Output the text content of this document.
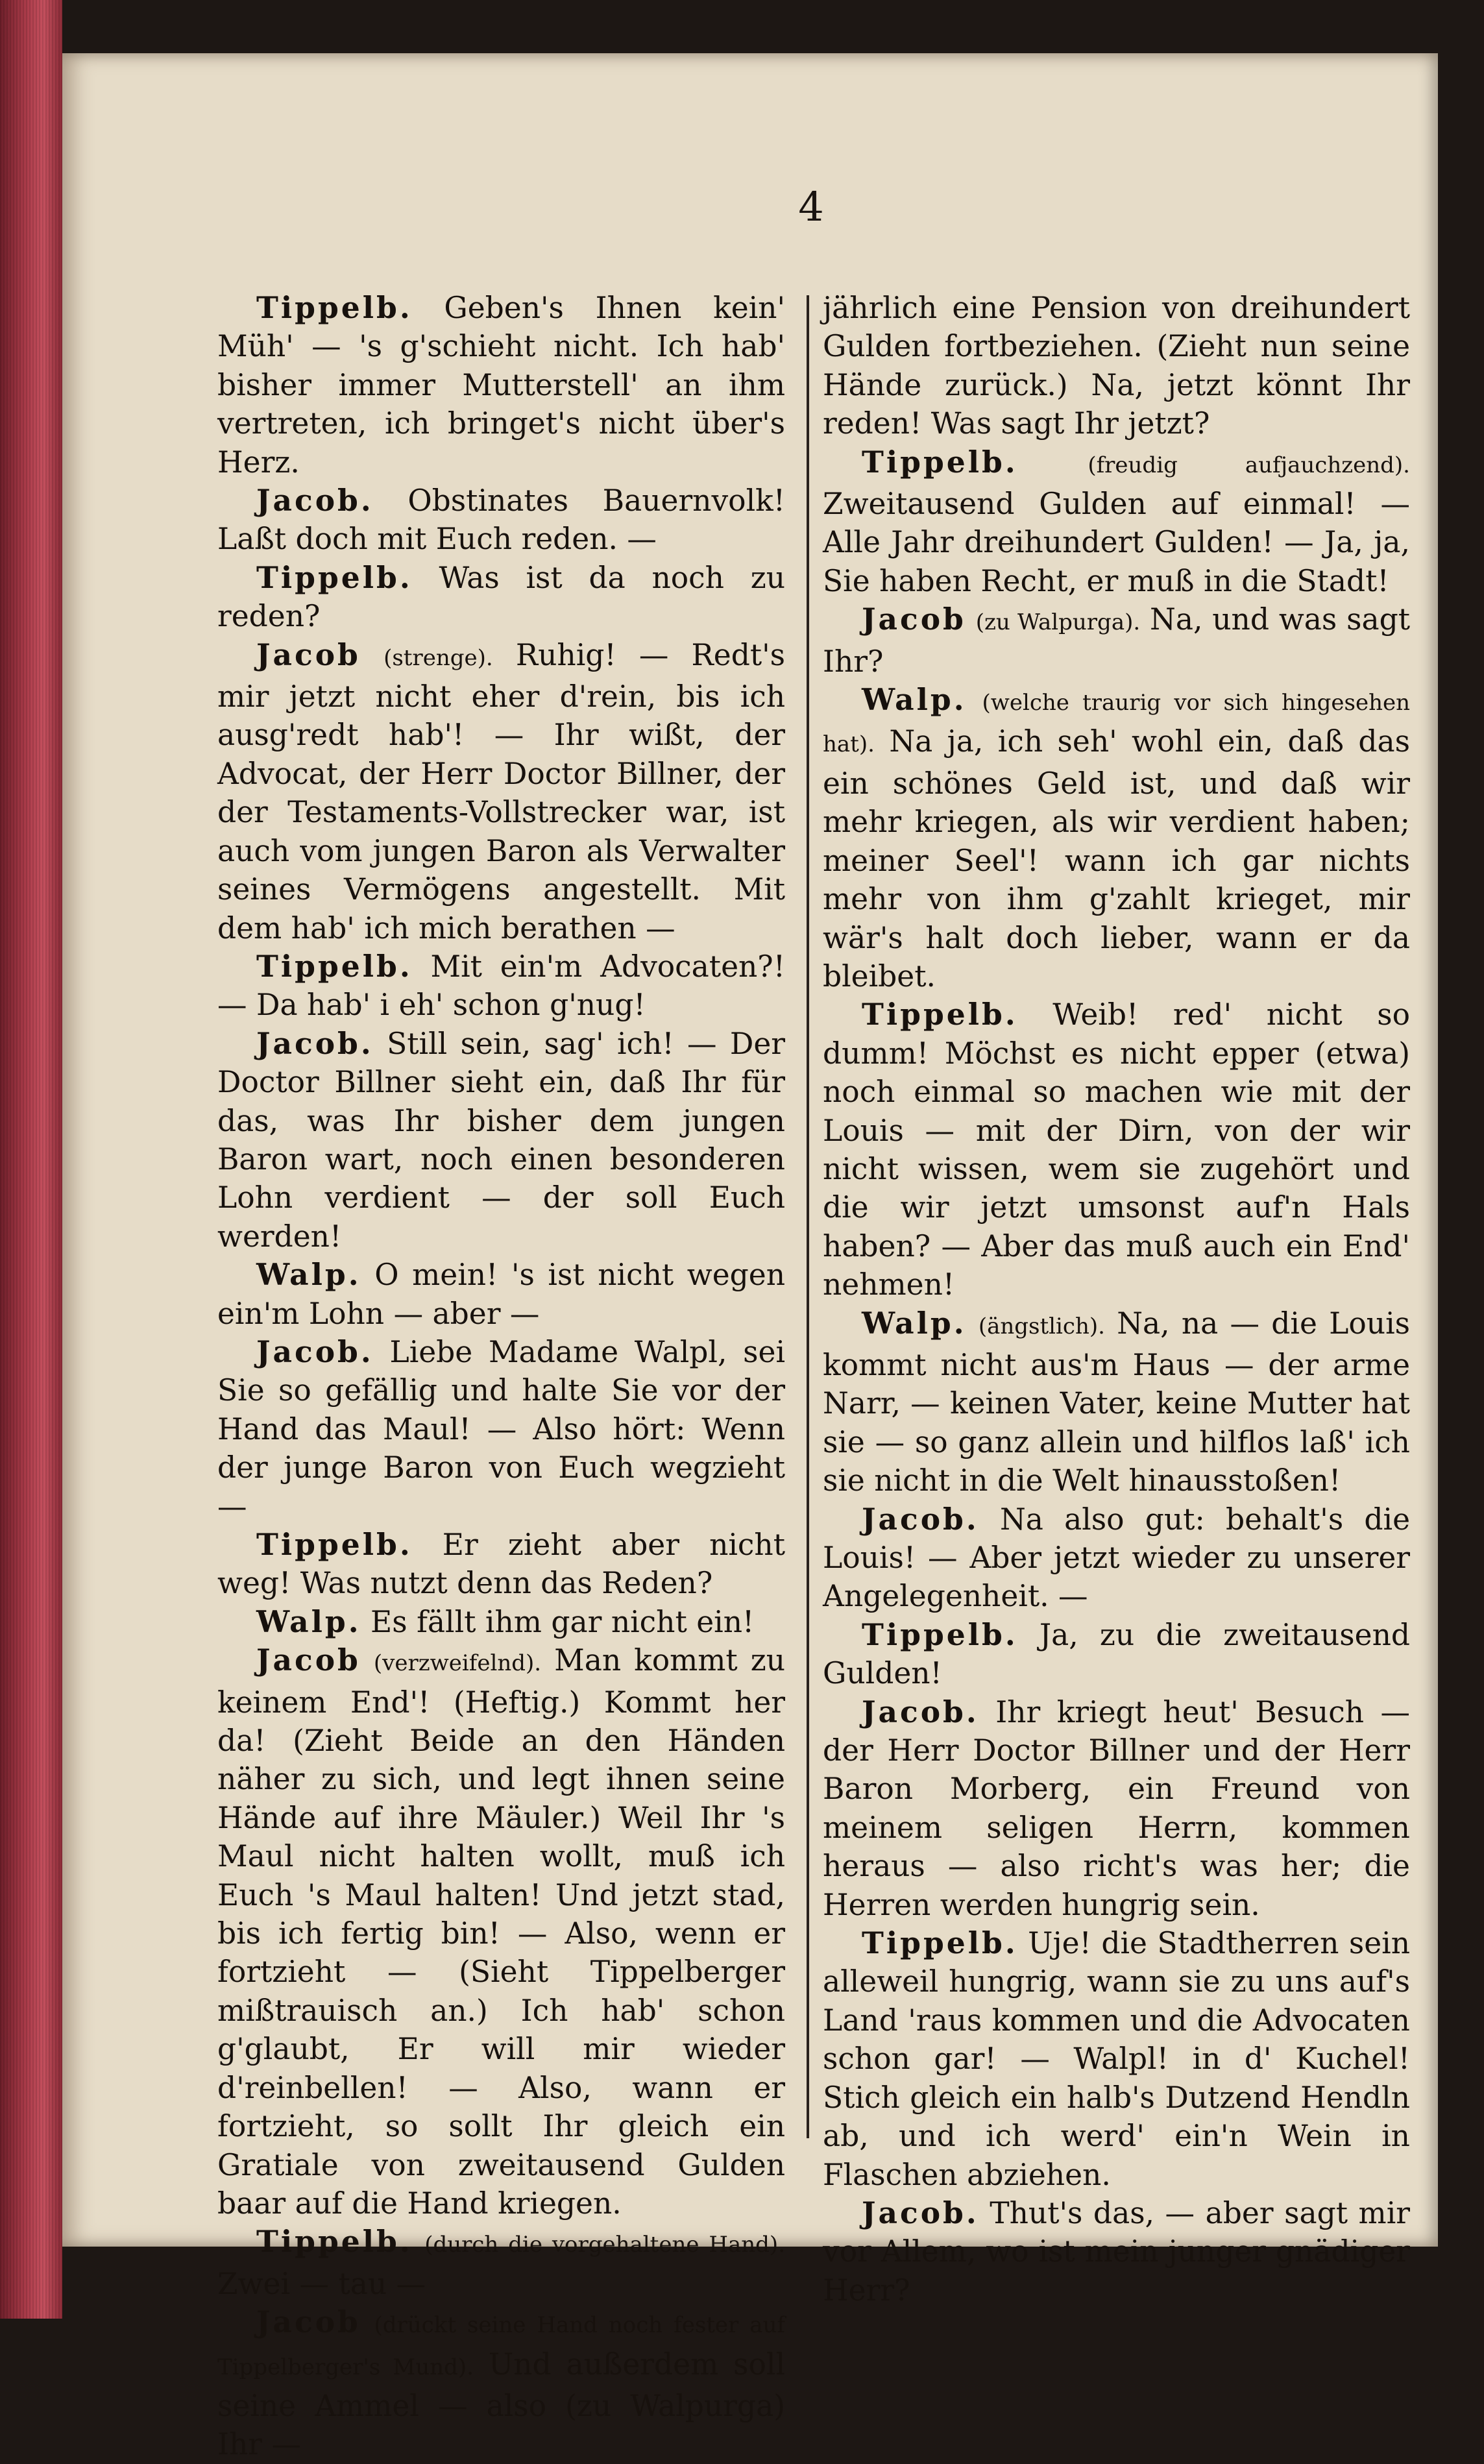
4

Tippelb. Geben's Ihnen kein' Müh' — 's g'schieht nicht. Ich hab' bisher immer Mutterstell' an ihm vertreten, ich bringet's nicht über's Herz.

Jacob. Obstinates Bauernvolk! Laßt doch mit Euch reden. —

Tippelb. Was ist da noch zu reden?

Jacob (strenge). Ruhig! — Redt's mir jetzt nicht eher d'rein, bis ich ausg'redt hab'! — Ihr wißt, der Advocat, der Herr Doctor Billner, der der Testaments-Vollstrecker war, ist auch vom jungen Baron als Verwalter seines Vermögens angestellt. Mit dem hab' ich mich berathen —

Tippelb. Mit ein'm Advocaten?! — Da hab' i eh' schon g'nug!

Jacob. Still sein, sag' ich! — Der Doctor Billner sieht ein, daß Ihr für das, was Ihr bisher dem jungen Baron wart, noch einen besonderen Lohn verdient — der soll Euch werden!

Walp. O mein! 's ist nicht wegen ein'm Lohn — aber —

Jacob. Liebe Madame Walpl, sei Sie so gefällig und halte Sie vor der Hand das Maul! — Also hört: Wenn der junge Baron von Euch wegzieht —

Tippelb. Er zieht aber nicht weg! Was nutzt denn das Reden?

Walp. Es fällt ihm gar nicht ein!

Jacob (verzweifelnd). Man kommt zu keinem End'! (Heftig.) Kommt her da! (Zieht Beide an den Händen näher zu sich, und legt ihnen seine Hände auf ihre Mäuler.) Weil Ihr 's Maul nicht halten wollt, muß ich Euch 's Maul halten! Und jetzt stad, bis ich fertig bin! — Also, wenn er fortzieht — (Sieht Tippelberger mißtrauisch an.) Ich hab' schon g'glaubt, Er will mir wieder d'reinbellen! — Also, wann er fortzieht, so sollt Ihr gleich ein Gratiale von zweitausend Gulden baar auf die Hand kriegen.

Tippelb. (durch die vorgehaltene Hand). Zwei — tau —

Jacob (drückt seine Hand noch fester auf Tippelberger's Mund). Und außerdem soll seine Ammel — also (zu Walpurga) Ihr —

jährlich eine Pension von dreihundert Gulden fortbeziehen. (Zieht nun seine Hände zurück.) Na, jetzt könnt Ihr reden! Was sagt Ihr jetzt?

Tippelb.	(freudig aufjauchzend). Zweitausend Gulden auf einmal! — Alle Jahr dreihundert Gulden! — Ja, ja, Sie haben Recht, er muß in die Stadt!

Jacob (zu Walpurga). Na, und was sagt Ihr?

Walp. (welche traurig vor sich hingesehen hat). Na ja, ich seh' wohl ein, daß das ein schönes Geld ist, und daß wir mehr kriegen, als wir verdient haben; meiner Seel'! wann ich gar nichts mehr von ihm g'zahlt krieget, mir wär's halt doch lieber, wann er da bleibet.

Tippelb. Weib! red' nicht so dumm! Möchst es nicht epper (etwa) noch einmal so machen wie mit der Louis — mit der Dirn, von der wir nicht wissen, wem sie zugehört und die wir jetzt umsonst auf'n Hals haben? — Aber das muß auch ein End' nehmen!

Walp. (ängstlich). Na, na — die Louis kommt nicht aus'm Haus — der arme Narr, — keinen Vater, keine Mutter hat sie — so ganz allein und hilflos laß' ich sie nicht in die Welt hinausstoßen!

Jacob. Na also gut: behalt's die Louis! — Aber jetzt wieder zu unserer Angelegenheit. —

Tippelb. Ja, zu die zweitausend Gulden!

Jacob. Ihr kriegt heut' Besuch — der Herr Doctor Billner und der Herr Baron Morberg, ein Freund von meinem seligen Herrn, kommen heraus — also richt's was her; die Herren werden hungrig sein.

Tippelb. Uje! die Stadtherren sein alleweil hungrig, wann sie zu uns auf's Land 'raus kommen und die Advocaten schon gar! — Walpl! in d' Kuchel! Stich gleich ein halb's Dutzend Hendln ab, und ich werd' ein'n Wein in Flaschen abziehen.

Jacob. Thut's das, — aber sagt mir vor Allem, wo ist mein junger gnädiger Herr?
